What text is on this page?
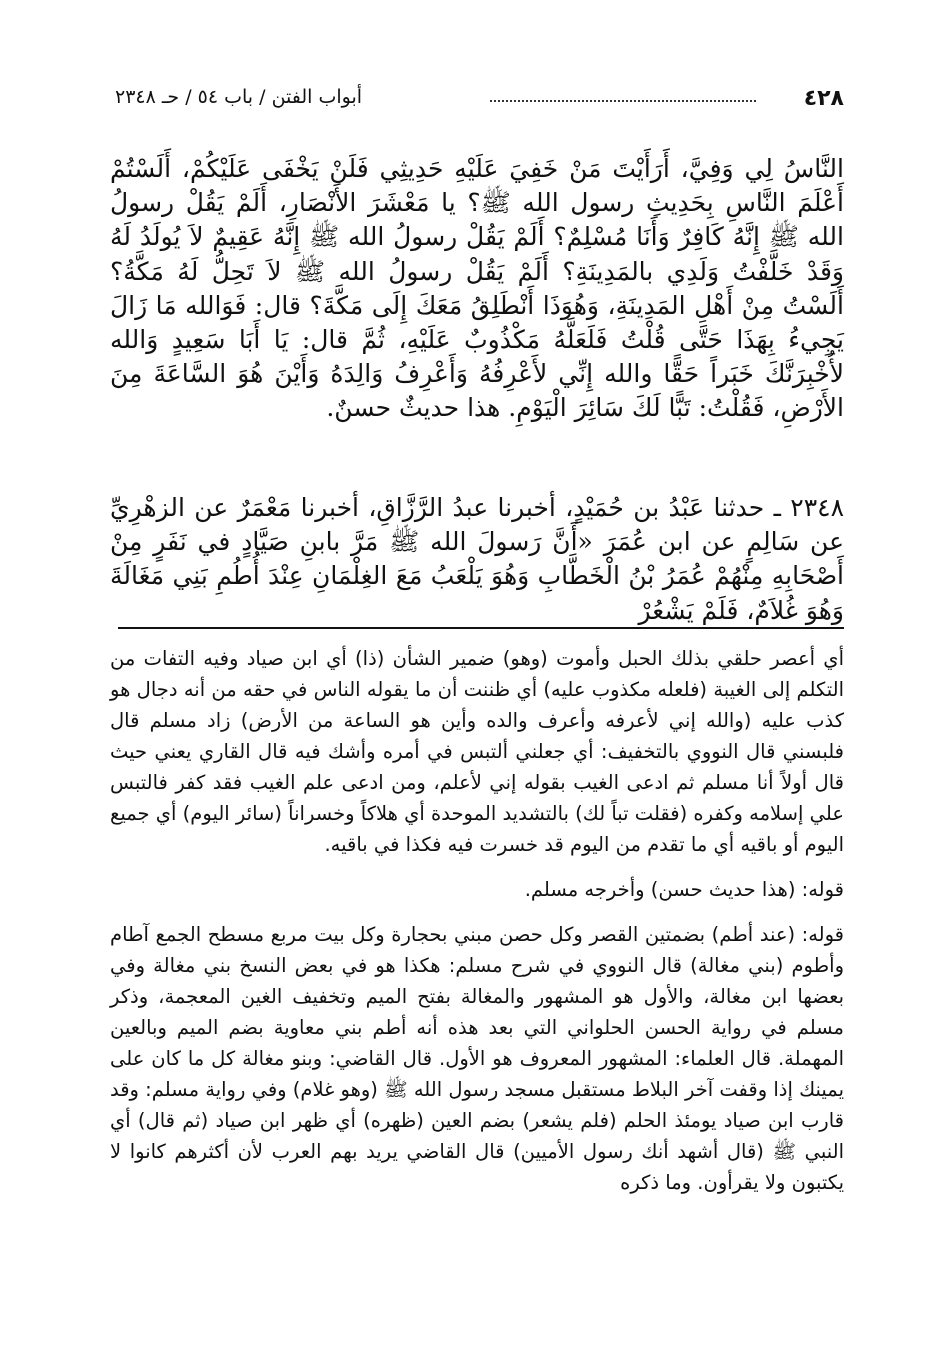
٤٢٨
أبواب الفتن / باب ٥٤ / حـ ٢٣٤٨

النَّاسُ لِي وَفِيَّ، أَرَأَيْتَ مَنْ خَفِيَ عَلَيْهِ حَدِيثِي فَلَنْ يَخْفَى عَلَيْكُمْ، أَلَسْتُمْ أَعْلَمَ النَّاسِ بِحَدِيثِ رسول الله ﷺ؟ يا مَعْشَرَ الأَنْصَارِ، أَلَمْ يَقُلْ رسولُ الله ﷺ إِنَّهُ كَافِرٌ وَأَنَا مُسْلِمٌ؟ أَلَمْ يَقُلْ رسولُ الله ﷺ إِنَّهُ عَقِيمٌ لاَ يُولَدُ لَهُ وَقَدْ خَلَّفْتُ وَلَدِي بالمَدِينَةِ؟ أَلَمْ يَقُلْ رسولُ الله ﷺ لاَ تَحِلُّ لَهُ مَكَّةُ؟ أَلَسْتُ مِنْ أَهْلِ المَدِينَةِ، وَهُوَذَا أَنْطَلِقُ مَعَكَ إِلَى مَكَّةَ؟ قال: فَوَالله مَا زَالَ يَجِيءُ بِهَذَا حَتَّى قُلْتُ فَلَعَلَّهُ مَكْذُوبٌ عَلَيْهِ، ثُمَّ قال: يَا أَبَا سَعِيدٍ وَالله لأُخْبِرَنَّكَ خَبَراً حَقًّا والله إِنِّي لأَعْرِفُهُ وَأَعْرِفُ وَالِدَهُ وَأَيْنَ هُوَ السَّاعَةَ مِنَ الأَرْضِ، فَقُلْتُ: تَبًّا لَكَ سَائِرَ الْيَوْمِ. هذا حديثٌ حسنٌ.

٢٣٤٨ ـ حدثنا عَبْدُ بن حُمَيْدٍ، أخبرنا عبدُ الرَّزَّاقِ، أخبرنا مَعْمَرٌ عن الزهْرِيِّ عن سَالِمٍ عن ابن عُمَرَ «أَنَّ رَسولَ الله ﷺ مَرَّ بابنِ صَيَّادٍ في نَفَرٍ مِنْ أَصْحَابِهِ مِنْهُمْ عُمَرُ بْنُ الْخَطَّابِ وَهُوَ يَلْعَبُ مَعَ الغِلْمَانِ عِنْدَ أُطُمِ بَنِي مَغَالَةَ وَهُوَ غُلاَمٌ، فَلَمْ يَشْعُرْ

أي أعصر حلقي بذلك الحبل وأموت (وهو) ضمير الشأن (ذا) أي ابن صياد وفيه التفات من التكلم إلى الغيبة (فلعله مكذوب عليه) أي ظننت أن ما يقوله الناس في حقه من أنه دجال هو كذب عليه (والله إني لأعرفه وأعرف والده وأين هو الساعة من الأرض) زاد مسلم قال فلبسني قال النووي بالتخفيف: أي جعلني ألتبس في أمره وأشك فيه قال القاري يعني حيث قال أولاً أنا مسلم ثم ادعى الغيب بقوله إني لأعلم، ومن ادعى علم الغيب فقد كفر فالتبس علي إسلامه وكفره (فقلت تباً لك) بالتشديد الموحدة أي هلاكاً وخسراناً (سائر اليوم) أي جميع اليوم أو باقيه أي ما تقدم من اليوم قد خسرت فيه فكذا في باقيه.

قوله: (هذا حديث حسن) وأخرجه مسلم.

قوله: (عند أطم) بضمتين القصر وكل حصن مبني بحجارة وكل بيت مربع مسطح الجمع آطام وأطوم (بني مغالة) قال النووي في شرح مسلم: هكذا هو في بعض النسخ بني مغالة وفي بعضها ابن مغالة، والأول هو المشهور والمغالة بفتح الميم وتخفيف الغين المعجمة، وذكر مسلم في رواية الحسن الحلواني التي بعد هذه أنه أطم بني معاوية بضم الميم وبالعين المهملة. قال العلماء: المشهور المعروف هو الأول. قال القاضي: وبنو مغالة كل ما كان على يمينك إذا وقفت آخر البلاط مستقبل مسجد رسول الله ﷺ (وهو غلام) وفي رواية مسلم: وقد قارب ابن صياد يومئذ الحلم (فلم يشعر) بضم العين (ظهره) أي ظهر ابن صياد (ثم قال) أي النبي ﷺ (قال أشهد أنك رسول الأميين) قال القاضي يريد بهم العرب لأن أكثرهم كانوا لا يكتبون ولا يقرأون. وما ذكره
